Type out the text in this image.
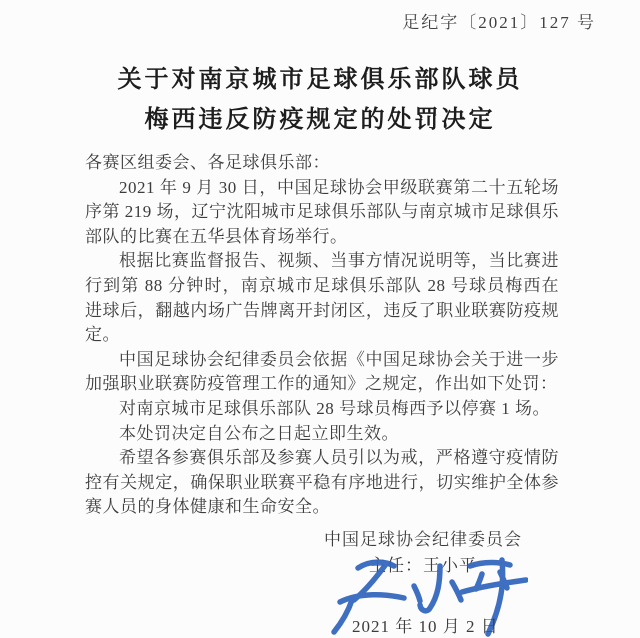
足纪字〔2021〕127 号
关于对南京城市足球俱乐部队球员
梅西违反防疫规定的处罚决定
各赛区组委会、各足球俱乐部：

2021 年 9 月 30 日，中国足球协会甲级联赛第二十五轮场序第 219 场，辽宁沈阳城市足球俱乐部队与南京城市足球俱乐部队的比赛在五华县体育场举行。

根据比赛监督报告、视频、当事方情况说明等，当比赛进行到第 88 分钟时，南京城市足球俱乐部队 28 号球员梅西在进球后，翻越内场广告牌离开封闭区，违反了职业联赛防疫规定。

中国足球协会纪律委员会依据《中国足球协会关于进一步加强职业联赛防疫管理工作的通知》之规定，作出如下处罚：

对南京城市足球俱乐部队 28 号球员梅西予以停赛 1 场。

本处罚决定自公布之日起立即生效。

希望各参赛俱乐部及参赛人员引以为戒，严格遵守疫情防控有关规定，确保职业联赛平稳有序地进行，切实维护全体参赛人员的身体健康和生命安全。

中国足球协会纪律委员会
主任：王小平
2021 年 10 月 2 日
